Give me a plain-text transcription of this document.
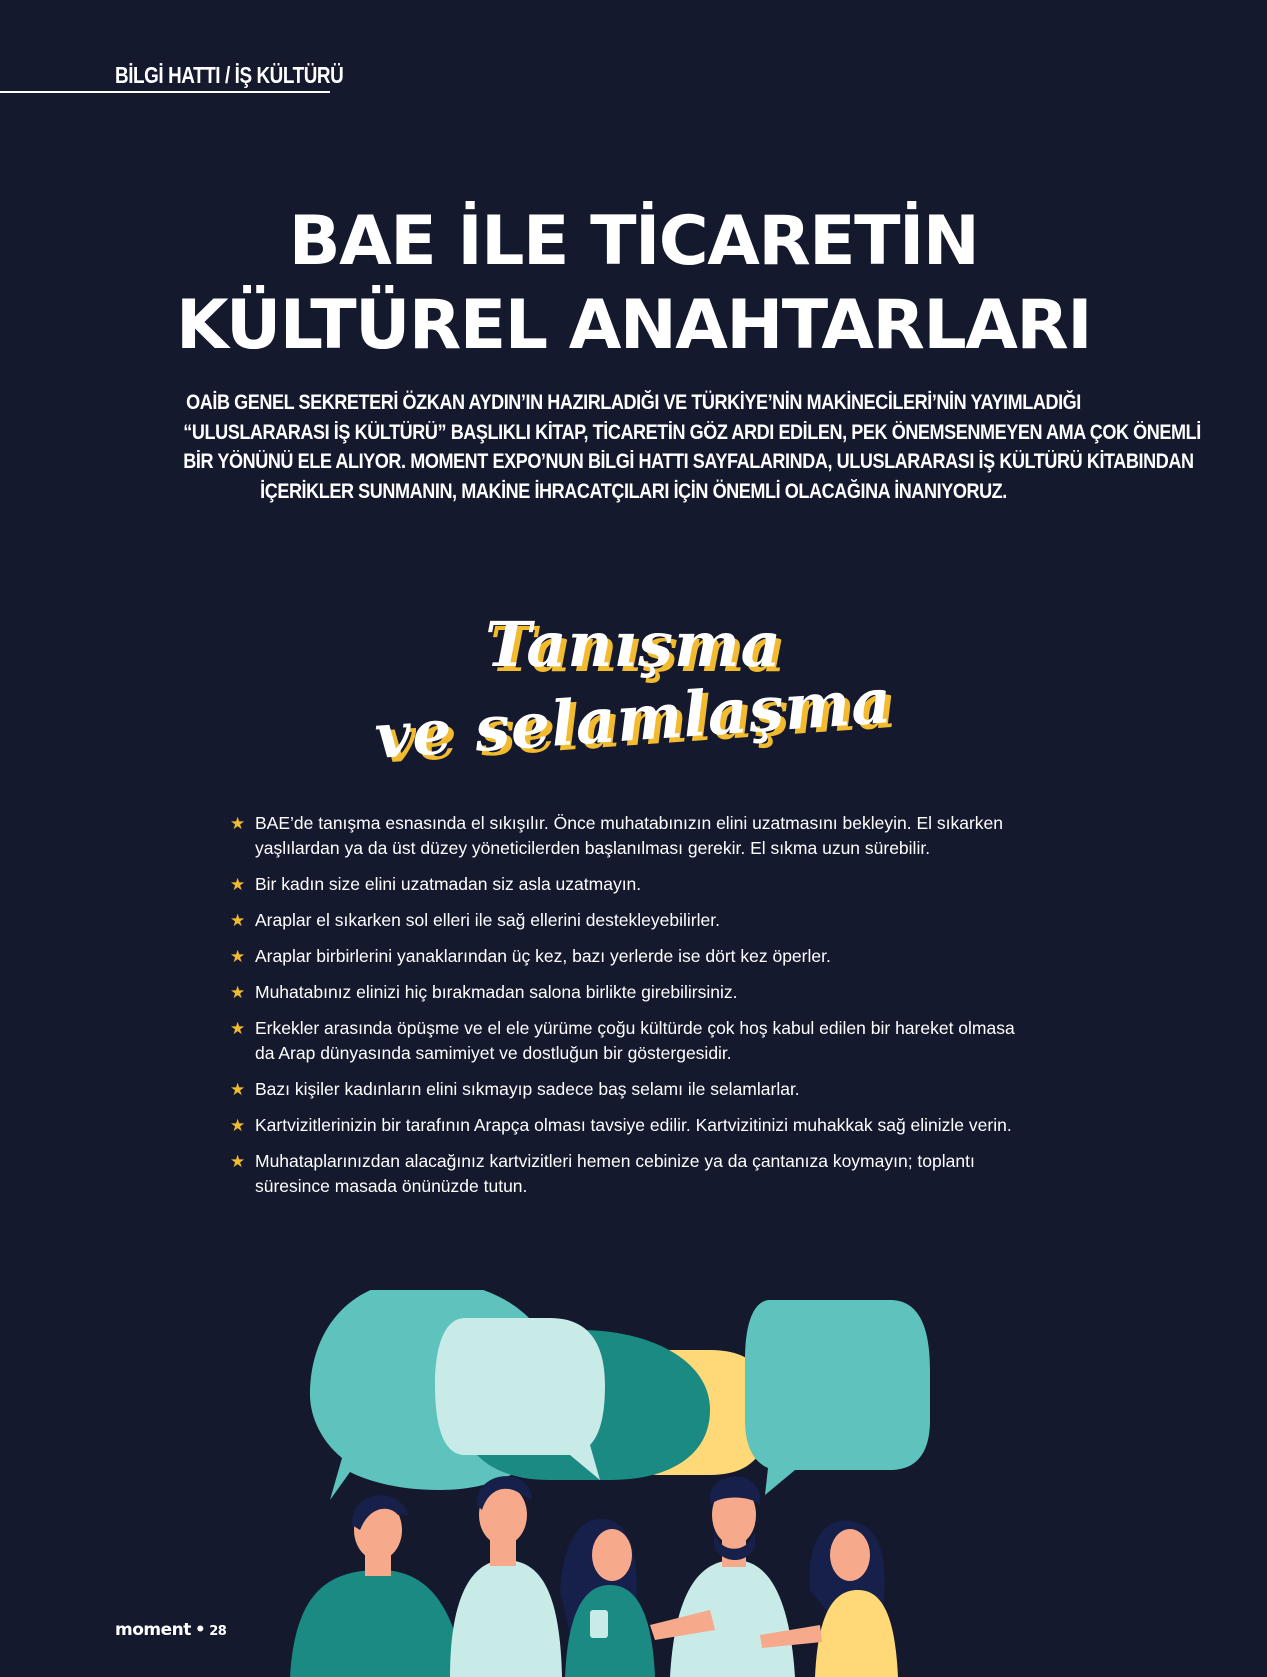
BİLGİ HATTI / İŞ KÜLTÜRÜ
BAE İLE TİCARETİN
KÜLTÜREL ANAHTARLARI
OAİB GENEL SEKRETERİ ÖZKAN AYDIN’IN HAZIRLADIĞI VE TÜRKİYE’NİN MAKİNECİLERİ’NİN YAYIMLADIĞI
“ULUSLARARASI İŞ KÜLTÜRÜ” BAŞLIKLI KİTAP, TİCARETİN GÖZ ARDI EDİLEN, PEK ÖNEMSENMEYEN AMA ÇOK ÖNEMLİ
BİR YÖNÜNÜ ELE ALIYOR. MOMENT EXPO’NUN BİLGİ HATTI SAYFALARINDA, ULUSLARARASI İŞ KÜLTÜRÜ KİTABINDAN
İÇERİKLER SUNMANIN, MAKİNE İHRACATÇILARI İÇİN ÖNEMLİ OLACAĞINA İNANIYORUZ.
Tanışma
ve selamlaşma
★ BAE’de tanışma esnasında el sıkışılır. Önce muhatabınızın elini uzatmasını bekleyin. El sıkarken yaşlılardan ya da üst düzey yöneticilerden başlanılması gerekir. El sıkma uzun sürebilir.
★ Bir kadın size elini uzatmadan siz asla uzatmayın.
★ Araplar el sıkarken sol elleri ile sağ ellerini destekleyebilirler.
★ Araplar birbirlerini yanaklarından üç kez, bazı yerlerde ise dört kez öperler.
★ Muhatabınız elinizi hiç bırakmadan salona birlikte girebilirsiniz.
★ Erkekler arasında öpüşme ve el ele yürüme çoğu kültürde çok hoş kabul edilen bir hareket olmasa da Arap dünyasında samimiyet ve dostluğun bir göstergesidir.
★ Bazı kişiler kadınların elini sıkmayıp sadece baş selamı ile selamlarlar.
★ Kartvizitlerinizin bir tarafının Arapça olması tavsiye edilir. Kartvizitinizi muhakkak sağ elinizle verin.
★ Muhataplarınızdan alacağınız kartvizitleri hemen cebinize ya da çantanıza koymayın; toplantı süresince masada önünüzde tutun.
moment • 28
